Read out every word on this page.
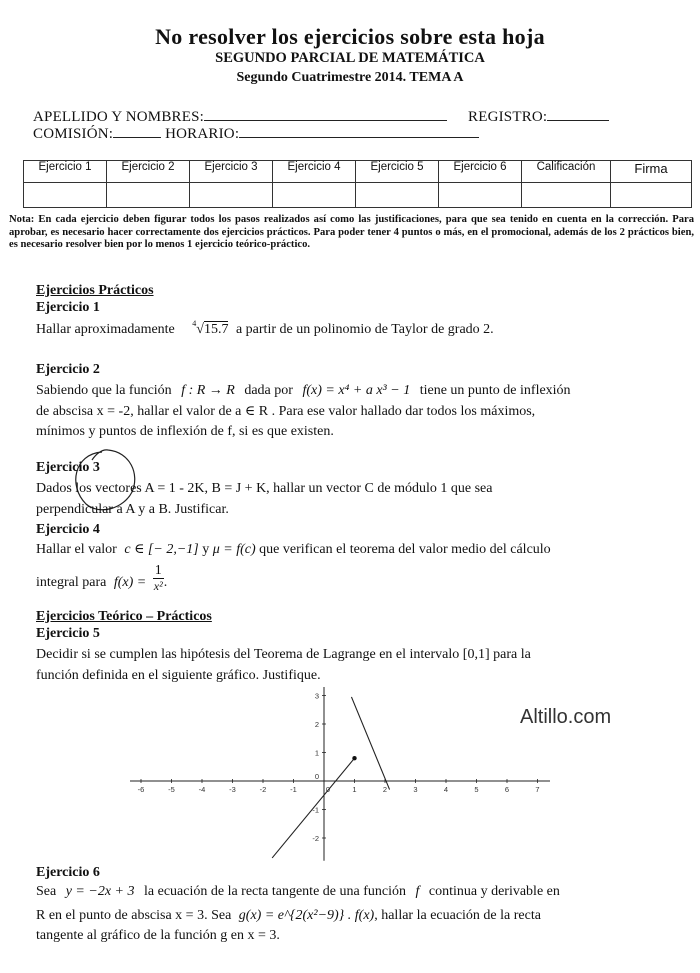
No resolver los ejercicios sobre esta hoja
SEGUNDO PARCIAL DE MATEMÁTICA
Segundo Cuatrimestre 2014. TEMA A
APELLIDO Y NOMBRES:	REGISTRO:
COMISIÓN:	HORARIO:
Ejercicio 1	Ejercicio 2	Ejercicio 3	Ejercicio 4	Ejercicio 5	Ejercicio 6	Calificación	Firma

Nota: En cada ejercicio deben figurar todos los pasos realizados así como las justificaciones, para que sea tenido en cuenta en la corrección. Para aprobar, es necesario hacer correctamente dos ejercicios prácticos. Para poder tener 4 puntos o más, en el promocional, además de los 2 prácticos bien, es necesario resolver bien por lo menos 1 ejercicio teórico-práctico.
Ejercicios Prácticos
Ejercicio 1
Hallar aproximadamente $^4$√15.7 a partir de un polinomio de Taylor de grado 2.
Ejercicio 2
Sabiendo que la función f : R → R dada por f(x) = x⁴ + a x³ − 1 tiene un punto de inflexión
de abscisa x = -2, hallar el valor de a ∈ R . Para ese valor hallado dar todos los máximos,
mínimos y puntos de inflexión de f, si es que existen.
Ejercicio 3
Dados los vectores A = 1 - 2K, B = J + K, hallar un vector C de módulo 1 que sea
perpendicular a A y a B. Justificar.
Ejercicio 4
Hallar el valor c ∈ [− 2,−1] y μ = f(c) que verifican el teorema del valor medio del cálculo
integral para $f(x) = \frac{1}{\text{x²}}$ .
Ejercicios Teórico – Prácticos
Ejercicio 5
Decidir si se cumplen las hipótesis del Teorema de Lagrange en el intervalo [0,1] para la
función definida en el siguiente gráfico. Justifique.
Altillo.com
-6	-5	-4	-3	-2	-1	0	1	2	3	4	5	6	7
3
2
1
-1
-2
0
Ejercicio 6
Sea y = −2x + 3 la ecuación de la recta tangente de una función f continua y derivable en
R en el punto de abscisa x = 3. Sea g(x) = e^{2(x²−9)} . f(x), hallar la ecuación de la recta
tangente al gráfico de la función g en x = 3.
